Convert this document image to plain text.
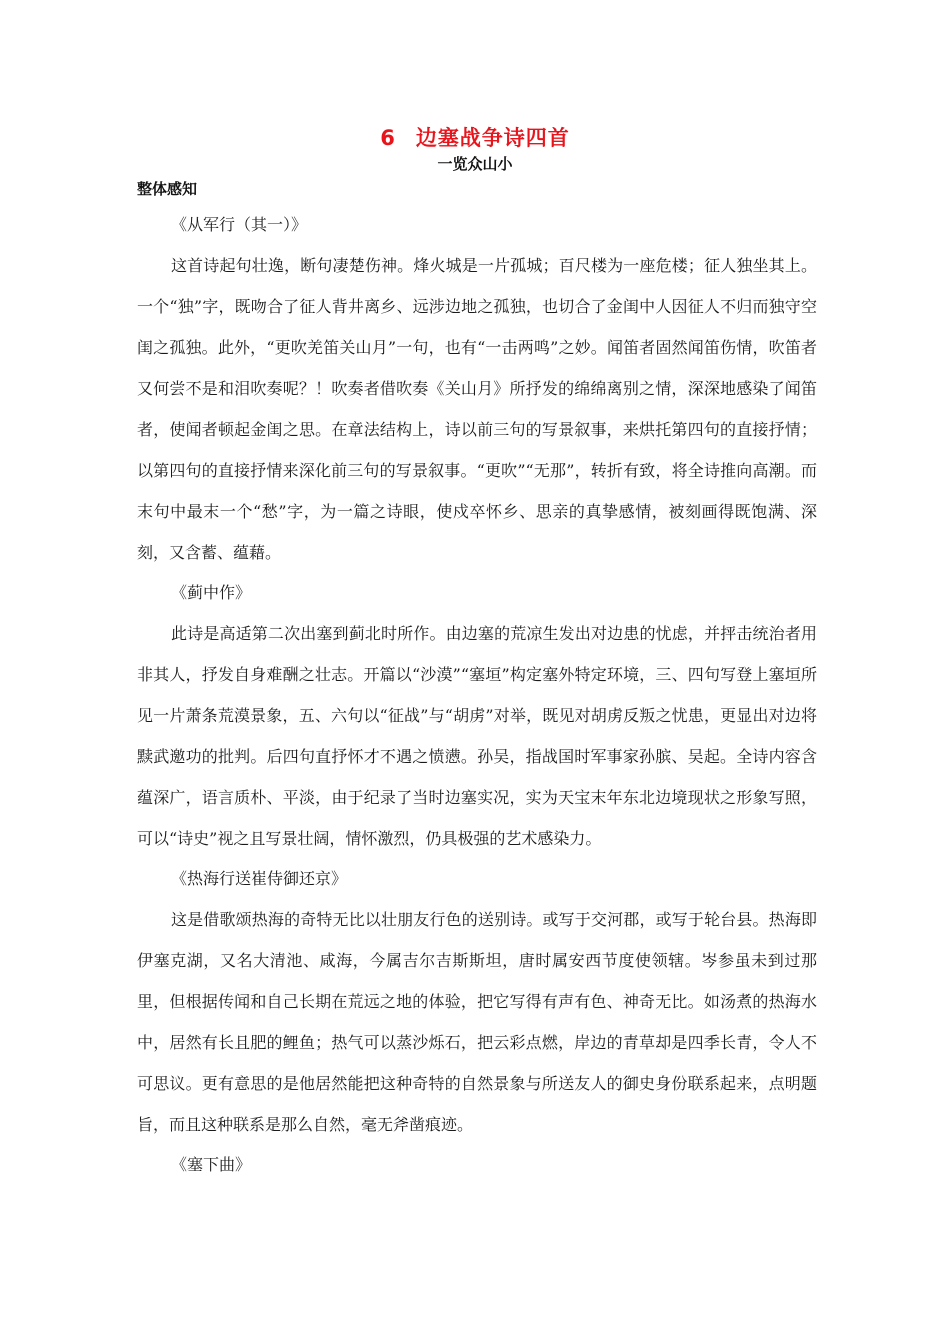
6 边塞战争诗四首
一览众山小
整体感知

《从军行（其一）》

这首诗起句壮逸，断句凄楚伤神。烽火城是一片孤城；百尺楼为一座危楼；征人独坐其上。一个“独”字，既吻合了征人背井离乡、远涉边地之孤独，也切合了金闺中人因征人不归而独守空闺之孤独。此外，“更吹羌笛关山月”一句，也有“一击两鸣”之妙。闻笛者固然闻笛伤情，吹笛者又何尝不是和泪吹奏呢？！吹奏者借吹奏《关山月》所抒发的绵绵离别之情，深深地感染了闻笛者，使闻者顿起金闺之思。在章法结构上，诗以前三句的写景叙事，来烘托第四句的直接抒情；以第四句的直接抒情来深化前三句的写景叙事。“更吹”“无那”，转折有致，将全诗推向高潮。而末句中最末一个“愁”字，为一篇之诗眼，使戍卒怀乡、思亲的真挚感情，被刻画得既饱满、深刻，又含蓄、蕴藉。

《蓟中作》

此诗是高适第二次出塞到蓟北时所作。由边塞的荒凉生发出对边患的忧虑，并抨击统治者用非其人，抒发自身难酬之壮志。开篇以“沙漠”“塞垣”构定塞外特定环境，三、四句写登上塞垣所见一片萧条荒漠景象，五、六句以“征战”与“胡虏”对举，既见对胡虏反叛之忧患，更显出对边将黩武邀功的批判。后四句直抒怀才不遇之愤懑。孙吴，指战国时军事家孙膑、吴起。全诗内容含蕴深广，语言质朴、平淡，由于纪录了当时边塞实况，实为天宝末年东北边境现状之形象写照，可以“诗史”视之且写景壮阔，情怀激烈，仍具极强的艺术感染力。

《热海行送崔侍御还京》

这是借歌颂热海的奇特无比以壮朋友行色的送别诗。或写于交河郡，或写于轮台县。热海即伊塞克湖，又名大清池、咸海，今属吉尔吉斯斯坦，唐时属安西节度使领辖。岑参虽未到过那里，但根据传闻和自己长期在荒远之地的体验，把它写得有声有色、神奇无比。如汤煮的热海水中，居然有长且肥的鲤鱼；热气可以蒸沙烁石，把云彩点燃，岸边的青草却是四季长青，令人不可思议。更有意思的是他居然能把这种奇特的自然景象与所送友人的御史身份联系起来，点明题旨，而且这种联系是那么自然，毫无斧凿痕迹。

《塞下曲》
